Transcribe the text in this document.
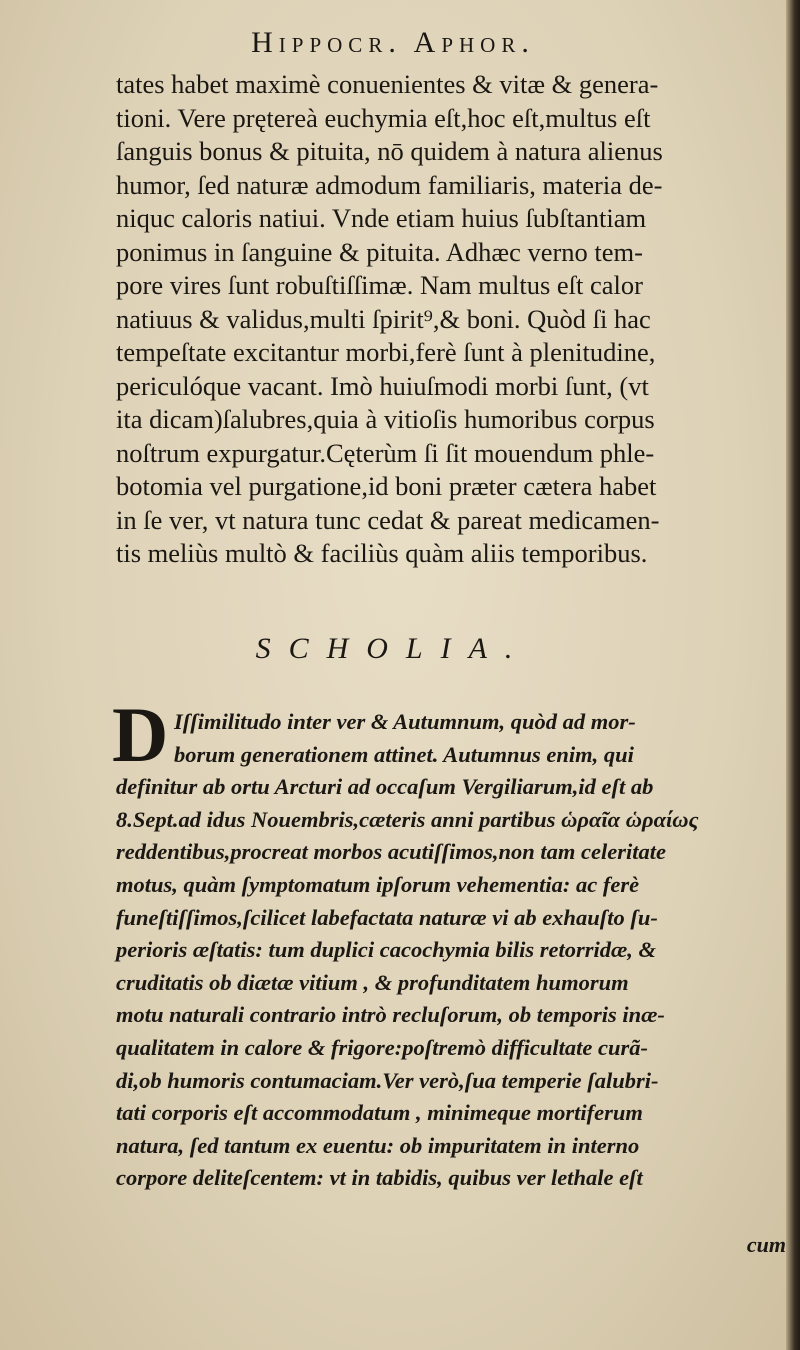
Hippocr. Aphor.
tates habet maximè conuenientes & vitæ & genera-
tioni. Vere prętereà euchymia eſt,hoc eſt,multus eſt
ſanguis bonus & pituita, nō quidem à natura alienus
humor, ſed naturæ admodum familiaris, materia de-
niquc caloris natiui. Vnde etiam huius ſubſtantiam
ponimus in ſanguine & pituita. Adhæc verno tem-
pore vires ſunt robuſtiſſimæ. Nam multus eſt calor
natiuus & validus,multi ſpirit⁹,& boni. Quòd ſi hac
tempeſtate excitantur morbi,ferè ſunt à plenitudine,
periculóque vacant. Imò huiuſmodi morbi ſunt, (vt
ita dicam)ſalubres,quia à vitioſis humoribus corpus
noſtrum expurgatur.Cęterùm ſi ſit mouendum phle-
botomia vel purgatione,id boni præter cætera habet
in ſe ver, vt natura tunc cedat & pareat medicamen-
tis meliùs multò & faciliùs quàm aliis temporibus.
SCHOLIA.
D Iſſimilitudo inter ver & Autumnum, quòd ad mor-
borum generationem attinet. Autumnus enim, qui
definitur ab ortu Arcturi ad occaſum Vergiliarum,id eſt ab
8.Sept.ad idus Nouembris,cæteris anni partibus ὡραῖα ὡραίως
reddentibus,procreat morbos acutiſſimos,non tam celeritate
motus, quàm ſymptomatum ipſorum vehementia: ac ferè
funeſtiſſimos,ſcilicet labefactata naturæ vi ab exhauſto ſu-
perioris æſtatis: tum duplici cacochymia bilis retorridæ, &
cruditatis ob diætæ vitium , & profunditatem humorum
motu naturali contrario intrò recluſorum, ob temporis inæ-
qualitatem in calore & frigore:poſtremò difficultate curã-
di,ob humoris contumaciam.Ver verò,ſua temperie ſalubri-
tati corporis eſt accommodatum , minimeque mortiferum
natura, ſed tantum ex euentu: ob impuritatem in interno
corpore deliteſcentem: vt in tabidis, quibus ver lethale eſt
cum
